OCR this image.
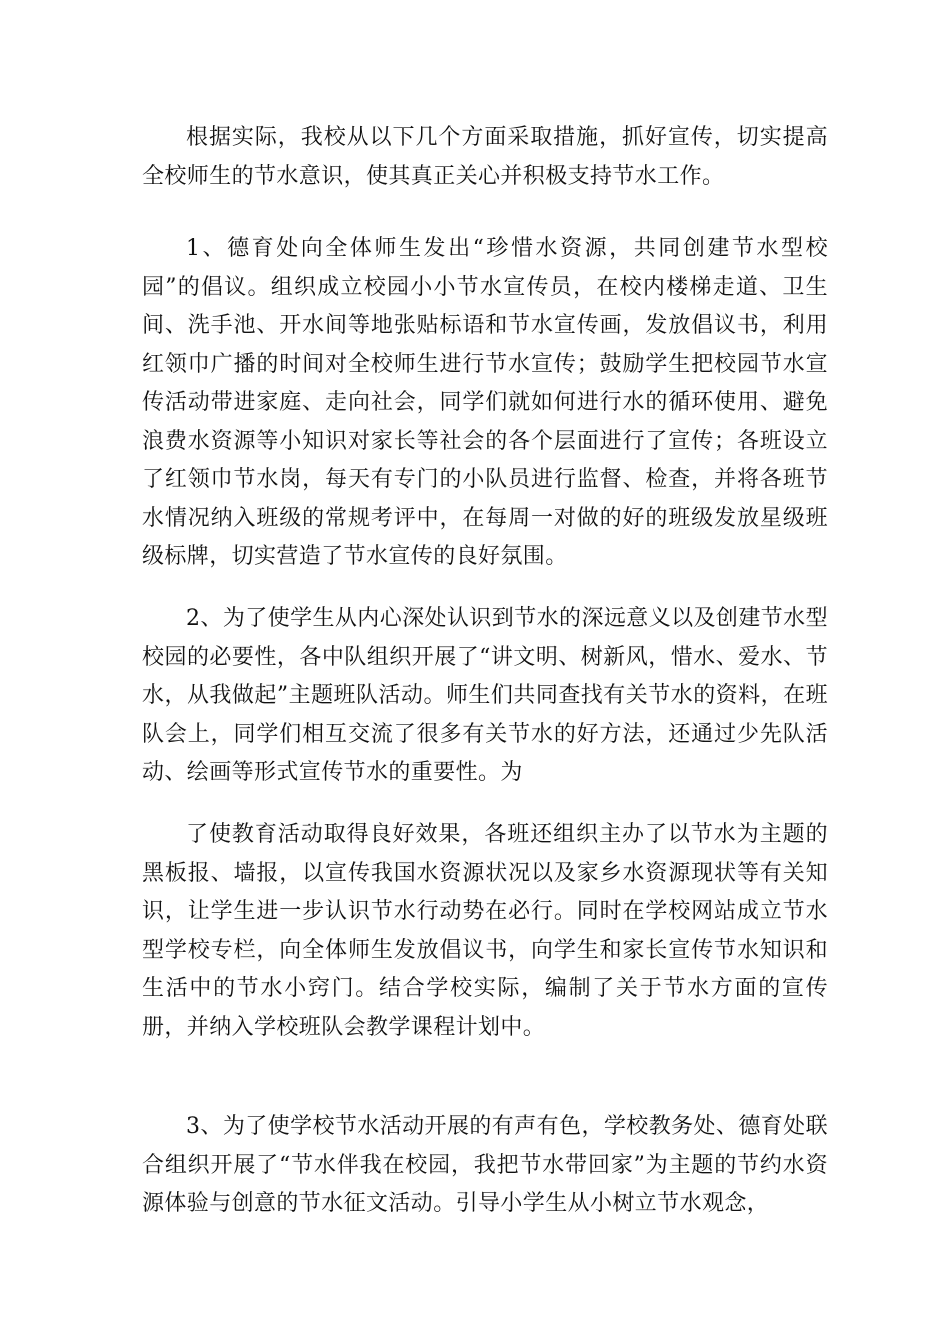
根据实际，我校从以下几个方面采取措施，抓好宣传，切实提高全校师生的节水意识，使其真正关心并积极支持节水工作。

1、德育处向全体师生发出“珍惜水资源，共同创建节水型校园”的倡议。组织成立校园小小节水宣传员，在校内楼梯走道、卫生间、洗手池、开水间等地张贴标语和节水宣传画，发放倡议书，利用红领巾广播的时间对全校师生进行节水宣传；鼓励学生把校园节水宣传活动带进家庭、走向社会，同学们就如何进行水的循环使用、避免浪费水资源等小知识对家长等社会的各个层面进行了宣传；各班设立了红领巾节水岗，每天有专门的小队员进行监督、检查，并将各班节水情况纳入班级的常规考评中，在每周一对做的好的班级发放星级班级标牌，切实营造了节水宣传的良好氛围。

2、为了使学生从内心深处认识到节水的深远意义以及创建节水型校园的必要性，各中队组织开展了“讲文明、树新风，惜水、爱水、节水，从我做起”主题班队活动。师生们共同查找有关节水的资料，在班队会上，同学们相互交流了很多有关节水的好方法，还通过少先队活动、绘画等形式宣传节水的重要性。为

了使教育活动取得良好效果，各班还组织主办了以节水为主题的黑板报、墙报，以宣传我国水资源状况以及家乡水资源现状等有关知识，让学生进一步认识节水行动势在必行。同时在学校网站成立节水型学校专栏，向全体师生发放倡议书，向学生和家长宣传节水知识和生活中的节水小窍门。结合学校实际，编制了关于节水方面的宣传册，并纳入学校班队会教学课程计划中。

3、为了使学校节水活动开展的有声有色，学校教务处、德育处联合组织开展了“节水伴我在校园，我把节水带回家”为主题的节约水资源体验与创意的节水征文活动。引导小学生从小树立节水观念，
